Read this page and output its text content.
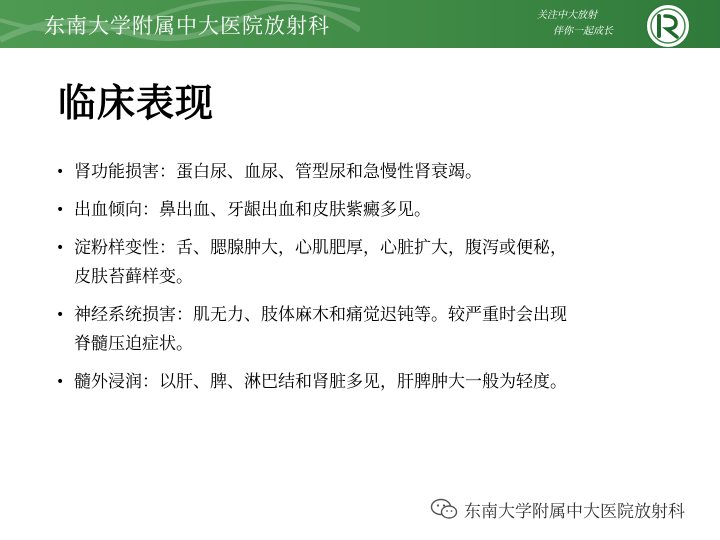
东南大学附属中大医院放射科	关注中大放射
伴你一起成长
临床表现
• 肾功能损害：蛋白尿、血尿、管型尿和急慢性肾衰竭。
• 出血倾向：鼻出血、牙龈出血和皮肤紫癜多见。
• 淀粉样变性：舌、腮腺肿大，心肌肥厚，心脏扩大，腹泻或便秘，
皮肤苔藓样变。
• 神经系统损害：肌无力、肢体麻木和痛觉迟钝等。较严重时会出现
脊髓压迫症状。
• 髓外浸润：以肝、脾、淋巴结和肾脏多见，肝脾肿大一般为轻度。
东南大学附属中大医院放射科
